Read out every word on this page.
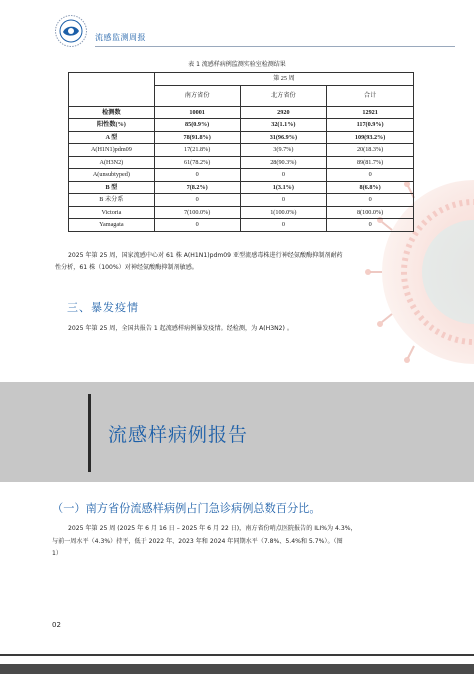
流感监测周报
表 1 流感样病例监测实验室检测结果
	第 25 周		
	南方省份	北方省份	合计
检测数	10001	2920	12921
阳性数(%)	85(0.9%)	32(1.1%)	117(0.9%)
A 型	78(91.8%)	31(96.9%)	109(93.2%)
A(H1N1)pdm09	17(21.8%)	3(9.7%)	20(18.3%)
A(H3N2)	61(78.2%)	28(90.3%)	89(81.7%)
A(unsubtyped)	0	0	0
B 型	7(8.2%)	1(3.1%)	8(6.8%)
B 未分系	0	0	0
Victoria	7(100.0%)	1(100.0%)	8(100.0%)
Yamagata	0	0	0
2025 年第 25 周，国家流感中心对 61 株 A(H1N1)pdm09 亚型流感毒株进行神经氨酸酶抑制剂耐药
性分析，61 株（100%）对神经氨酸酶抑制剂敏感。
三、暴发疫情
2025 年第 25 周，全国共报告 1 起流感样病例暴发疫情。经检测，为 A(H3N2) 。
流感样病例报告
（一）南方省份流感样病例占门急诊病例总数百分比。
2025 年第 25 周 (2025 年 6 月 16 日 – 2025 年 6 月 22 日)，南方省份哨点医院报告的 ILI%为 4.3%，
与前一周水平（4.3%）持平，低于 2022 年、2023 年和 2024 年同期水平（7.8%、5.4%和 5.7%）。（图
1）
02
